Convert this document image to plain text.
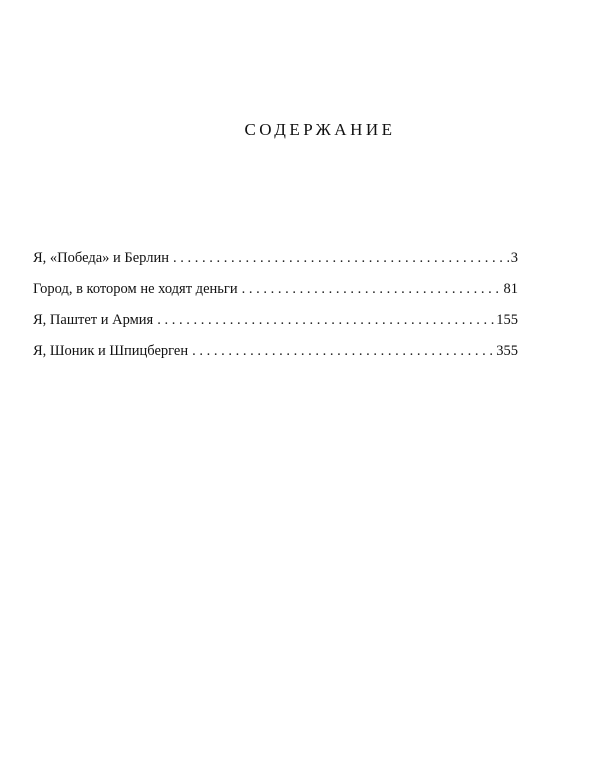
СОДЕРЖАНИЕ
Я, «Победа» и Берлин . . .	3
Город, в котором не ходят деньги . . .	81
Я, Паштет и Армия . . .	155
Я, Шоник и Шпицберген . . .	355
